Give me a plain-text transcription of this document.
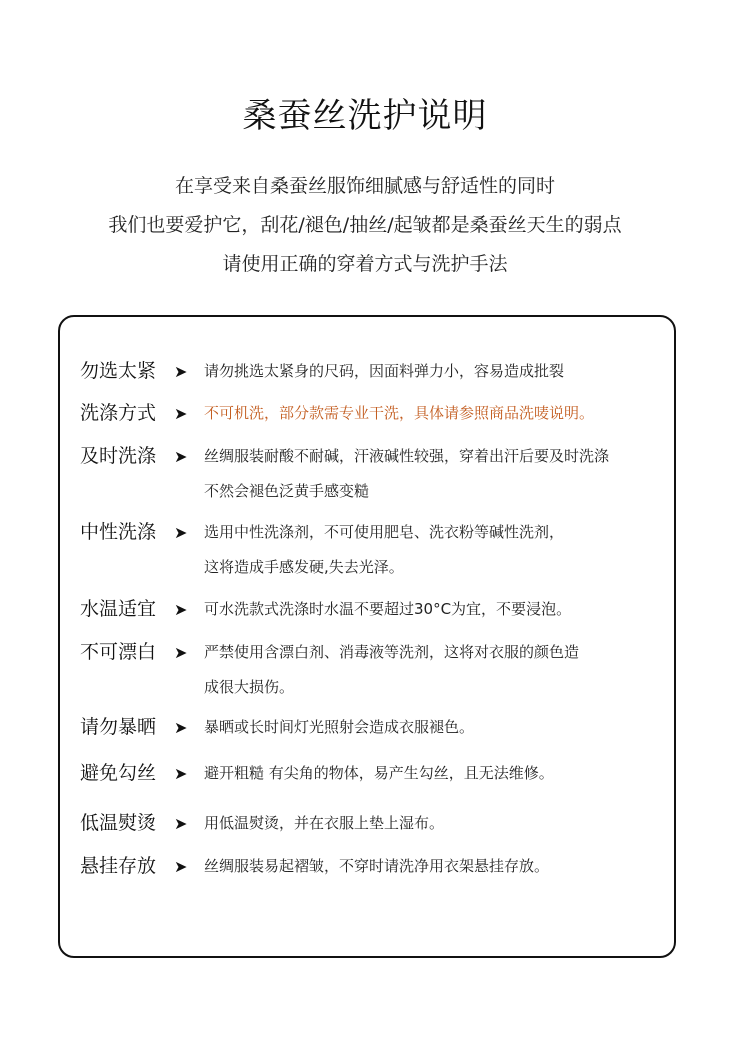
桑蚕丝洗护说明
在享受来自桑蚕丝服饰细腻感与舒适性的同时
我们也要爱护它，刮花/褪色/抽丝/起皱都是桑蚕丝天生的弱点
请使用正确的穿着方式与洗护手法
勿选太紧 ➤ 请勿挑选太紧身的尺码，因面料弹力小，容易造成批裂
洗涤方式 ➤ 不可机洗，部分款需专业干洗，具体请参照商品洗唛说明。
及时洗涤 ➤ 丝绸服装耐酸不耐碱，汗液碱性较强，穿着出汗后要及时洗涤
不然会褪色泛黄手感变糙
中性洗涤 ➤ 选用中性洗涤剂，不可使用肥皂、洗衣粉等碱性洗剂，
这将造成手感发硬,失去光泽。
水温适宜 ➤ 可水洗款式洗涤时水温不要超过30°C为宜，不要浸泡。
不可漂白 ➤ 严禁使用含漂白剂、消毒液等洗剂，这将对衣服的颜色造
成很大损伤。
请勿暴晒 ➤ 暴晒或长时间灯光照射会造成衣服褪色。
避免勾丝 ➤ 避开粗糙 有尖角的物体，易产生勾丝，且无法维修。
低温熨烫 ➤ 用低温熨烫，并在衣服上垫上湿布。
悬挂存放 ➤ 丝绸服装易起褶皱，不穿时请洗净用衣架悬挂存放。
